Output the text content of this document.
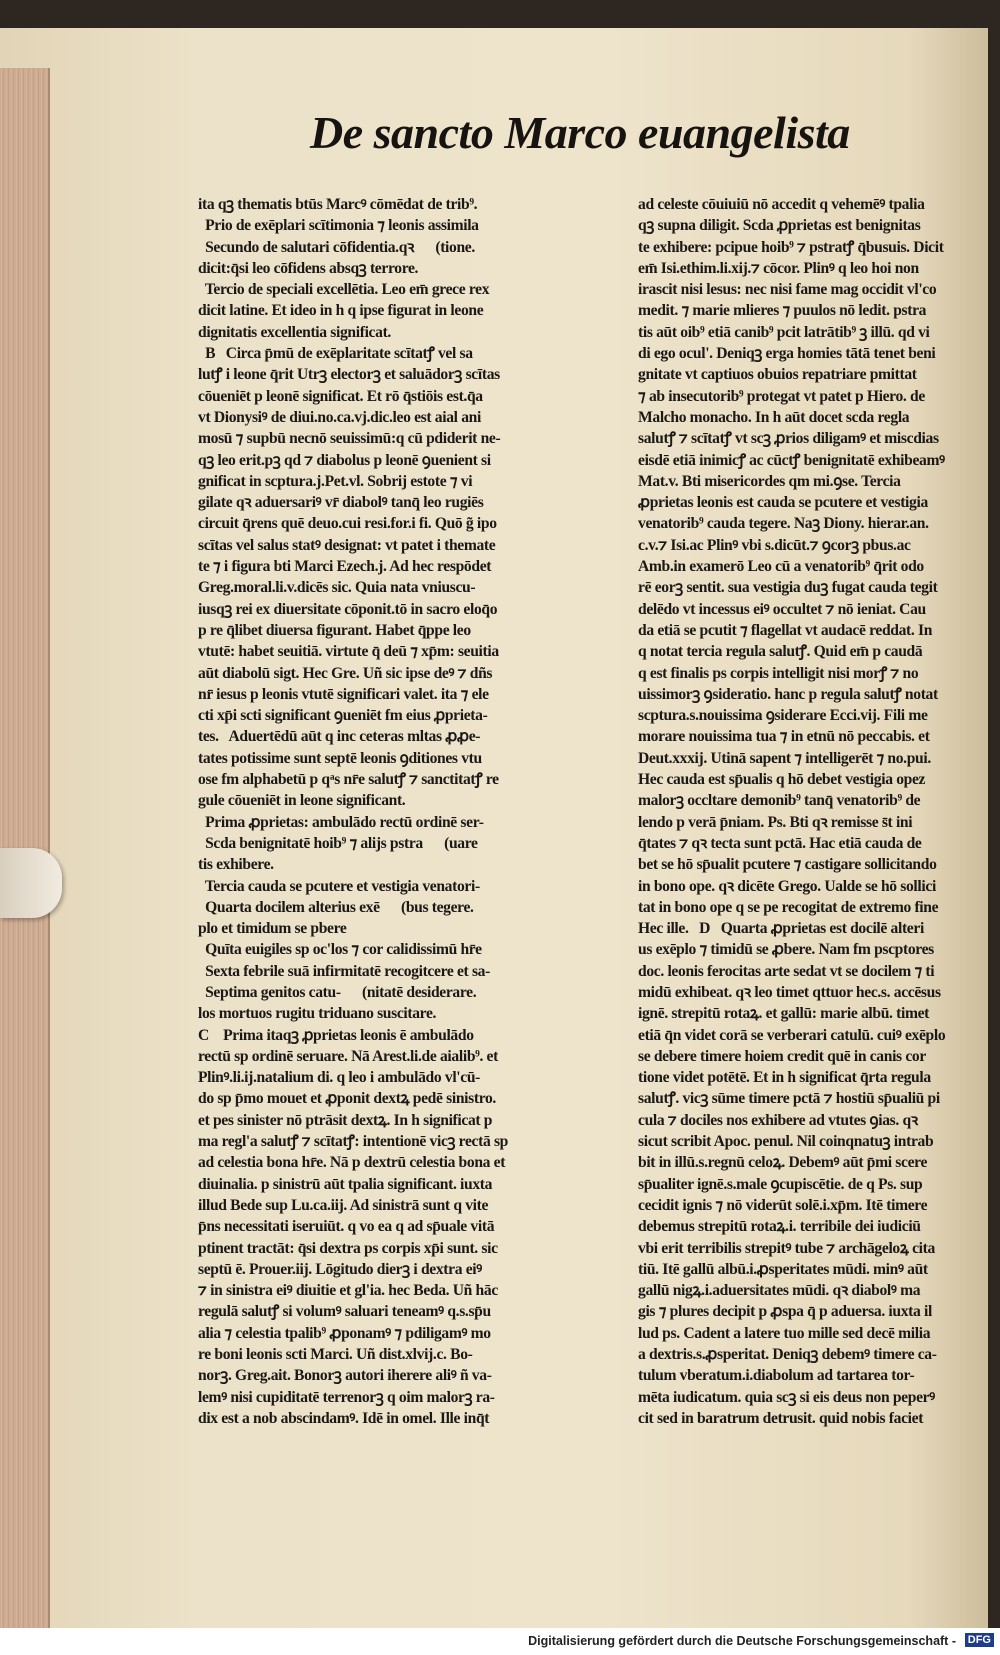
De sancto Marco euangelista
ita qꝫ thematis btūs Marcꝰ cōmēdat de trib⁹.
Prio de exēplari scītimonia ⁊ leonis assimila
Secundo de salutari cōfidentia.qꝛ      (tione.
dicit:q̄si leo cōfidens absqꝫ terrore.
Tercio de speciali excellētia. Leo em̄ grece rex
dicit latine. Et ideo in h q ipse figurat in leone
dignitatis excellentia significat.
B   Circa p̄mū de exēplaritate scītatꝭ vel sa
lutꝭ i leone q̄rit Utrꝫ electorꝫ et saluādorꝫ scītas
cōueniēt p leonē significat. Et rō q̄stiōis est.q̄a
vt Dionysiꝰ de diui.no.ca.vj.dic.leo est aial ani
mosū ⁊ supbū necnō seuissimū:q cū pdiderit ne-
qꝫ leo erit.pꝫ qd ⁊ diabolus p leonē ꝯuenient si
gnificat in scptura.j.Pet.vl. Sobrij estote ⁊ vi
gilate qꝛ aduersariꝰ vr̄ diabolꝰ tanq̄ leo rugiēs
circuit q̄rens quē deuo.cui resi.for.i fi. Quō g̃ ipo
scītas vel salus statꝰ designat: vt patet i themate
te ⁊ i figura bti Marci Ezech.j. Ad hec respōdet
Greg.moral.li.v.dicēs sic. Quia nata vniuscu-
iusqꝫ rei ex diuersitate cōponit.tō in sacro eloq̄o
p re q̄libet diuersa figurant. Habet q̄ppe leo
vtutē: habet seuitiā. virtute q̄ deū ⁊ xp̄m: seuitia
aūt diabolū sigt. Hec Gre. Uñ sic ipse deꝰ ⁊ dñs
nr̄ iesus p leonis vtutē significari valet. ita ⁊ ele
cti xp̄i scti significant ꝯueniēt fm eius ꝓprieta-
tes.   Aduertēdū aūt q inc ceteras mltas ꝓꝓe-
tates potissime sunt septē leonis ꝯditiones vtu
ose fm alphabetū p qͣs nr̄e salutꝭ ⁊ sanctitatꝭ re
gule cōueniēt in leone significant.
Prima ꝓprietas: ambulādo rectū ordinē ser-
Scda benignitatē hoib⁹ ⁊ alijs pstra      (uare
tis exhibere.
Tercia cauda se pcutere et vestigia venatori-
Quarta docilem alterius exē      (bus tegere.
plo et timidum se pbere
Quīta euigiles sp oc'los ⁊ cor calidissimū hr̄e
Sexta febrile suā infirmitatē recogitcere et sa-
Septima genitos catu-      (nitatē desiderare.
los mortuos rugitu triduano suscitare.
C    Prima itaqꝫ ꝓprietas leonis ē ambulādo
rectū sp ordinē seruare. Nā Arest.li.de aialib⁹. et
Plinꝰ.li.ij.natalium di. q leo i ambulādo vl'cū-
do sp p̄mo mouet et ꝓponit dextꝝ pedē sinistro.
et pes sinister nō ptrāsit dextꝝ. In h significat p
ma regl'a salutꝭ ⁊ scītatꝭ: intentionē vicꝫ rectā sp
ad celestia bona hr̄e. Nā p dextrū celestia bona et
diuinalia. p sinistrū aūt tpalia significant. iuxta
illud Bede sup Lu.ca.iij. Ad sinistrā sunt q vite
p̄ns necessitati iseruiūt. q vo ea q ad sp̄uale vitā
ptinent tractāt: q̄si dextra ps corpis xp̄i sunt. sic
septū ē. Prouer.iij. Lōgitudo dierꝫ i dextra eiꝰ
⁊ in sinistra eiꝰ diuitie et gl'ia. hec Beda. Uñ hāc
regulā salutꝭ si volumꝰ saluari teneamꝰ q.s.sp̄u
alia ⁊ celestia tpalib⁹ ꝓponamꝰ ⁊ pdiligamꝰ mo
re boni leonis scti Marci. Uñ dist.xlvij.c. Bo-
norꝫ. Greg.ait. Bonorꝫ autori iherere aliꝰ ñ va-
lemꝰ nisi cupiditatē terrenorꝫ q oim malorꝫ ra-
dix est a nob abscindamꝰ. Idē in omel. Ille inq̄t
ad celeste cōuiuiū nō accedit q vehemēꝰ tpalia
qꝫ supna diligit. Scda ꝓprietas est benignitas
te exhibere: pcipue hoib⁹ ⁊ pstratꝭ q̄busuis. Dicit
em̄ Isi.ethim.li.xij.⁊ cōcor. Plinꝰ q leo hoi non
irascit nisi lesus: nec nisi fame mag occidit vl'co
medit. ⁊ marie mlieres ⁊ puulos nō ledit. pstra
tis aūt oib⁹ etiā canib⁹ pcit latrātib⁹ ꝫ illū. qd vi
di ego ocul'. Deniqꝫ erga homies tātā tenet beni
gnitate vt captiuos obuios repatriare pmittat
⁊ ab insecutorib⁹ protegat vt patet p Hiero. de
Malcho monacho. In h aūt docet scda regla
salutꝭ ⁊ scītatꝭ vt scꝫ ꝓrios diligamꝰ et miscdias
eisdē etiā inimicꝭ ac cūctꝭ benignitatē exhibeamꝰ
Mat.v. Bti misericordes qm mi.ꝯse. Tercia
ꝓprietas leonis est cauda se pcutere et vestigia
venatorib⁹ cauda tegere. Naꝫ Diony. hierar.an.
c.v.⁊ Isi.ac Plinꝰ vbi s.dicūt.⁊ ꝯcorꝫ pbus.ac
Amb.in examerō Leo cū a venatorib⁹ q̄rit odo
rē eorꝫ sentit. sua vestigia duꝫ fugat cauda tegit
delēdo vt incessus eiꝰ occultet ⁊ nō ieniat. Cau
da etiā se pcutit ⁊ flagellat vt audacē reddat. In
q notat tercia regula salutꝭ. Quid em̄ p caudā
q est finalis ps corpis intelligit nisi morꝭ ⁊ no
uissimorꝫ ꝯsideratio. hanc p regula salutꝭ notat
scptura.s.nouissima ꝯsiderare Ecci.vij. Fili me
morare nouissima tua ⁊ in etnū nō peccabis. et
Deut.xxxij. Utinā sapent ⁊ intelligerēt ⁊ no.pui.
Hec cauda est sp̄ualis q hō debet vestigia opez
malorꝫ occltare demonib⁹ tanq̄ venatorib⁹ de
lendo p verā p̄niam. Ps. Bti qꝛ remisse s̄t ini
q̄tates ⁊ qꝛ tecta sunt pctā. Hac etiā cauda de
bet se hō sp̄ualit pcutere ⁊ castigare sollicitando
in bono ope. qꝛ dicēte Grego. Ualde se hō sollici
tat in bono ope q se pe recogitat de extremo fine
Hec ille.   D   Quarta ꝓprietas est docilē alteri
us exēplo ⁊ timidū se ꝓbere. Nam fm pscptores
doc. leonis ferocitas arte sedat vt se docilem ⁊ ti
midū exhibeat. qꝛ leo timet qttuor hec.s. accēsus
ignē. strepitū rotaꝝ. et gallū: marie albū. timet
etiā q̄n videt corā se verberari catulū. cuiꝰ exēplo
se debere timere hoiem credit quē in canis cor
tione videt potētē. Et in h significat q̄rta regula
salutꝭ. vicꝫ sūme timere pctā ⁊ hostiū sp̄ualiū pi
cula ⁊ dociles nos exhibere ad vtutes ꝯias. qꝛ
sicut scribit Apoc. penul. Nil coinqnatuꝫ intrab
bit in illū.s.regnū celoꝝ. Debemꝰ aūt p̄mi scere
sp̄ualiter ignē.s.male ꝯcupiscētie. de q Ps. sup
cecidit ignis ⁊ nō viderūt solē.i.xp̄m. Itē timere
debemus strepitū rotaꝝ.i. terribile dei iudiciū
vbi erit terribilis strepitꝰ tube ⁊ archāgeloꝝ cita
tiū. Itē gallū albū.i.ꝓsperitates mūdi. minꝰ aūt
gallū nigꝝ.i.aduersitates mūdi. qꝛ diabolꝰ ma
gis ⁊ plures decipit p ꝓspa q̄ p aduersa. iuxta il
lud ps. Cadent a latere tuo mille sed decē milia
a dextris.s.ꝓsperitat. Deniqꝫ debemꝰ timere ca-
tulum vberatum.i.diabolum ad tartarea tor-
mēta iudicatum. quia scꝫ si eis deus non peperꝰ
cit sed in baratrum detrusit. quid nobis faciet
Digitalisierung gefördert durch die Deutsche Forschungsgemeinschaft - DFG
